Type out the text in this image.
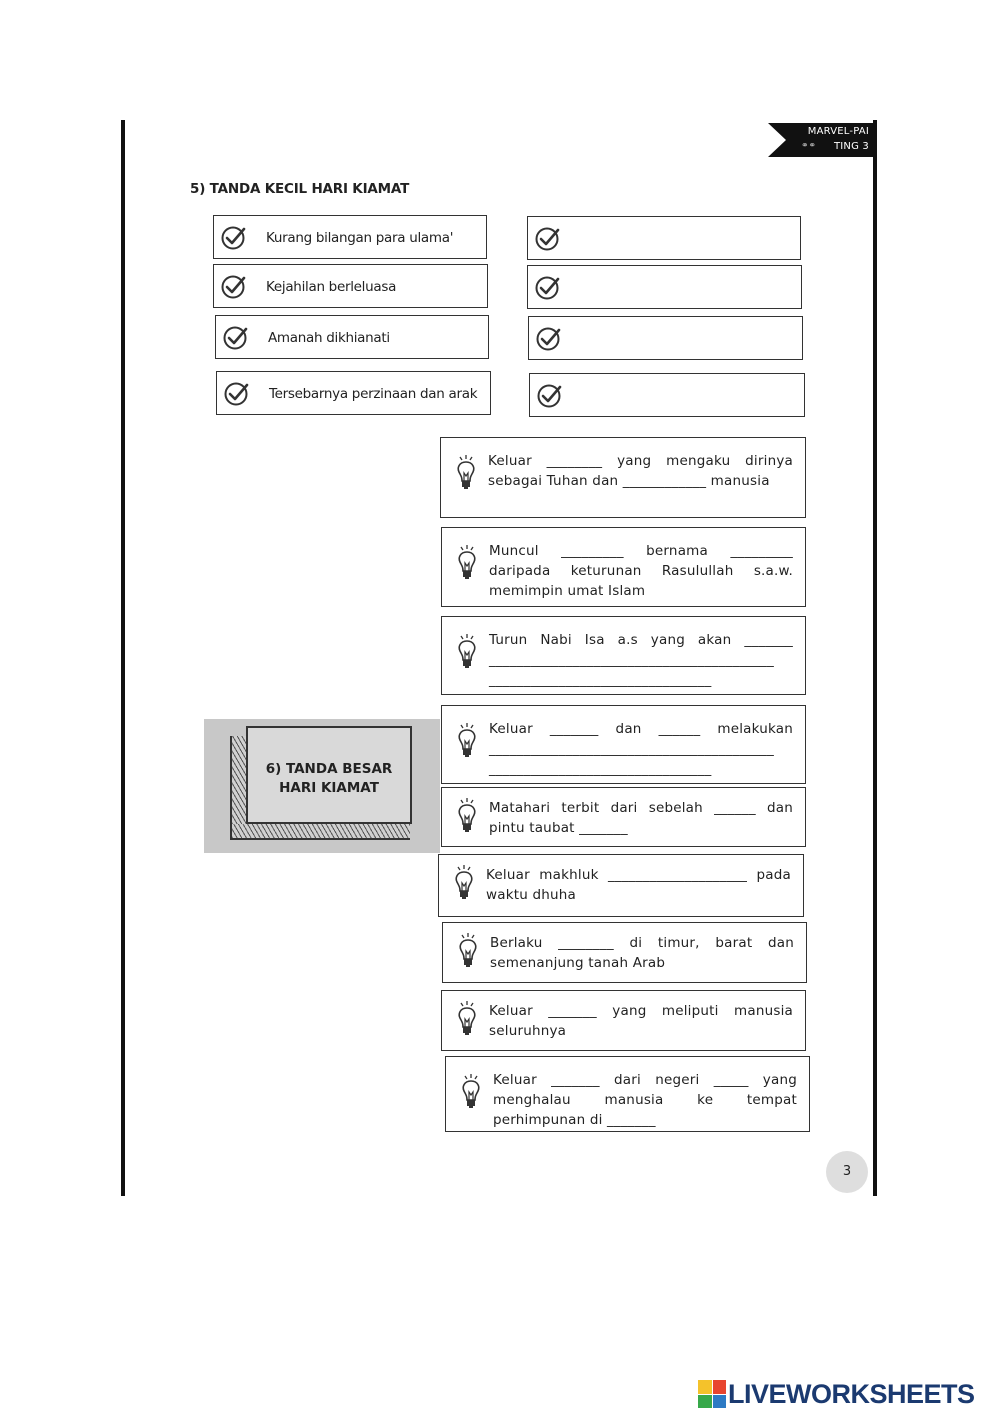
⚭⚭
MARVEL-PAI
TING 3
5) TANDA KECIL HARI KIAMAT
Kurang bilangan para ulama'
Kejahilan berleluasa
Amanah dikhianati
Tersebarnya perzinaan dan arak
6) TANDA BESAR HARI KIAMAT
Keluar ________ yang mengaku dirinya sebagai Tuhan dan ____________ manusia
Muncul _________ bernama _________ daripada keturunan Rasulullah s.a.w. memimpin umat Islam
Turun Nabi Isa a.s yang akan _______ _________________________________________ ________________________________
Keluar _______ dan ______ melakukan _________________________________________ ________________________________
Matahari terbit dari sebelah ______ dan pintu taubat _______
Keluar makhluk ____________________ pada waktu dhuha
Berlaku ________ di timur, barat dan semenanjung tanah Arab
Keluar _______ yang meliputi manusia seluruhnya
Keluar _______ dari negeri _____ yang menghalau manusia ke tempat perhimpunan di _______
3
LIVEWORKSHEETS
